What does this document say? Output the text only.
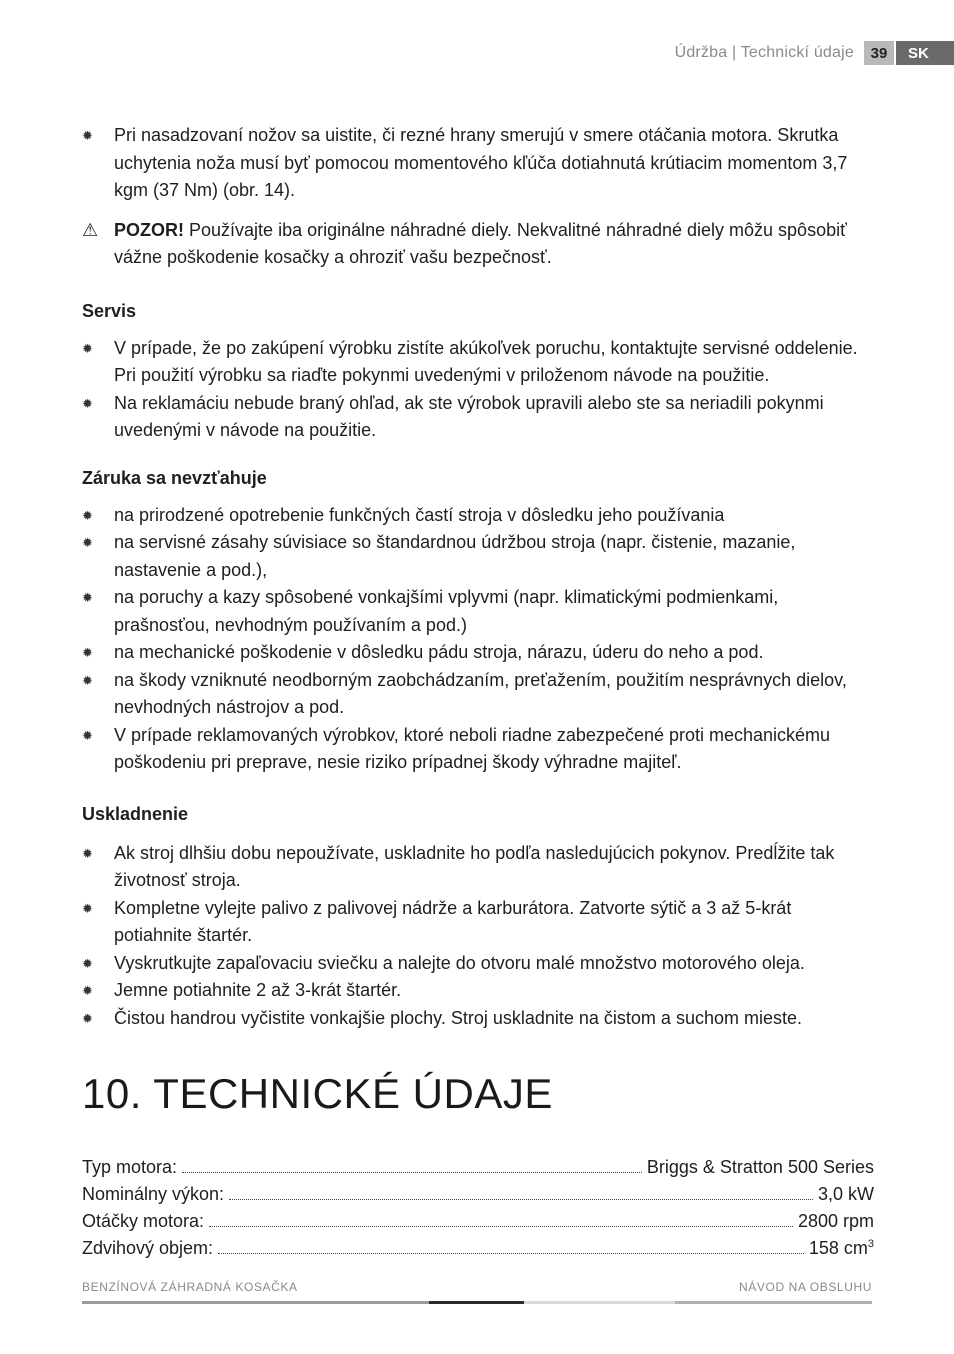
Údržba | Technickí údaje	39	SK
✹ Pri nasadzovaní nožov sa uistite, či rezné hrany smerujú v smere otáčania motora. Skrutka uchytenia noža musí byť pomocou momentového kľúča dotiahnutá krútiacim momentom 3,7 kgm (37 Nm) (obr. 14).
⚠ POZOR! Používajte iba originálne náhradné diely. Nekvalitné náhradné diely môžu spôsobiť vážne poškodenie kosačky a ohroziť vašu bezpečnosť.
Servis
✹ V prípade, že po zakúpení výrobku zistíte akúkoľvek poruchu, kontaktujte servisné oddelenie. Pri použití výrobku sa riaďte pokynmi uvedenými v priloženom návode na použitie.
✹ Na reklamáciu nebude braný ohľad, ak ste výrobok upravili alebo ste sa neriadili pokynmi uvedenými v návode na použitie.
Záruka sa nevzťahuje
✹ na prirodzené opotrebenie funkčných častí stroja v dôsledku jeho používania
✹ na servisné zásahy súvisiace so štandardnou údržbou stroja (napr. čistenie, mazanie, nastavenie a pod.),
✹ na poruchy a kazy spôsobené vonkajšími vplyvmi (napr. klimatickými podmienkami, prašnosťou, nevhodným používaním a pod.)
✹ na mechanické poškodenie v dôsledku pádu stroja, nárazu, úderu do neho a pod.
✹ na škody vzniknuté neodborným zaobchádzaním, preťažením, použitím nesprávnych dielov, nevhodných nástrojov a pod.
✹ V prípade reklamovaných výrobkov, ktoré neboli riadne zabezpečené proti mechanickému poškodeniu pri preprave, nesie riziko prípadnej škody výhradne majiteľ.
Uskladnenie
✹ Ak stroj dlhšiu dobu nepoužívate, uskladnite ho podľa nasledujúcich pokynov. Predĺžite tak životnosť stroja.
✹ Kompletne vylejte palivo z palivovej nádrže a karburátora. Zatvorte sýtič a 3 až 5-krát potiahnite štartér.
✹ Vyskrutkujte zapaľovaciu sviečku a nalejte do otvoru malé množstvo motorového oleja.
✹ Jemne potiahnite 2 až 3-krát štartér.
✹ Čistou handrou vyčistite vonkajšie plochy. Stroj uskladnite na čistom a suchom mieste.
10. TECHNICKÉ ÚDAJE
Typ motora:	Briggs & Stratton 500 Series
Nominálny výkon:	3,0 kW
Otáčky motora:	2800 rpm
Zdvihový objem:	158 $cm^3$
BENZÍNOVÁ ZÁHRADNÁ KOSAČKA	NÁVOD NA OBSLUHU
